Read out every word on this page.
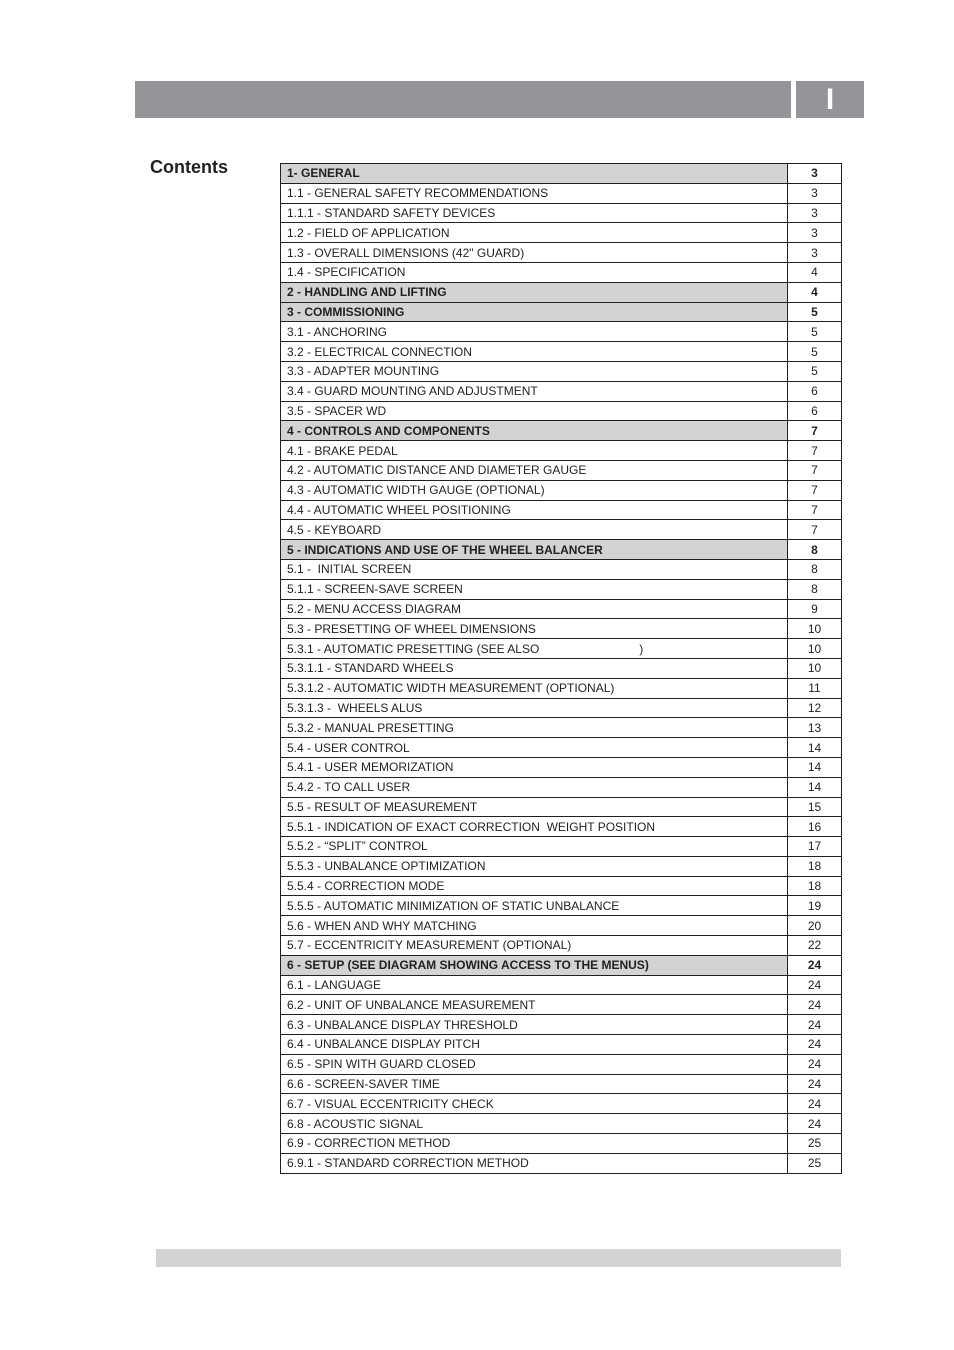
I
Contents	1- GENERAL	3
1.1 - GENERAL SAFETY RECOMMENDATIONS	3
1.1.1 - STANDARD SAFETY DEVICES	3
1.2 - FIELD OF APPLICATION	3
1.3 - OVERALL DIMENSIONS (42" GUARD)	3
1.4 - SPECIFICATION	4
2 - HANDLING AND LIFTING	4
3 - COMMISSIONING	5
3.1 - ANCHORING	5
3.2 - ELECTRICAL CONNECTION	5
3.3 - ADAPTER MOUNTING	5
3.4 - GUARD MOUNTING AND ADJUSTMENT	6
3.5 - SPACER WD	6
4 - CONTROLS AND COMPONENTS	7
4.1 - BRAKE PEDAL	7
4.2 - AUTOMATIC DISTANCE AND DIAMETER GAUGE	7
4.3 - AUTOMATIC WIDTH GAUGE (OPTIONAL)	7
4.4 - AUTOMATIC WHEEL POSITIONING	7
4.5 - KEYBOARD	7
5 - INDICATIONS AND USE OF THE WHEEL BALANCER	8
5.1 -  INITIAL SCREEN	8
5.1.1 - SCREEN-SAVE SCREEN	8
5.2 - MENU ACCESS DIAGRAM	9
5.3 - PRESETTING OF WHEEL DIMENSIONS	10
5.3.1 - AUTOMATIC PRESETTING (SEE ALSO                              )	10
5.3.1.1 - STANDARD WHEELS	10
5.3.1.2 - AUTOMATIC WIDTH MEASUREMENT (OPTIONAL)	11
5.3.1.3 -  WHEELS ALUS	12
5.3.2 - MANUAL PRESETTING	13
5.4 - USER CONTROL	14
5.4.1 - USER MEMORIZATION	14
5.4.2 - TO CALL USER	14
5.5 - RESULT OF MEASUREMENT	15
5.5.1 - INDICATION OF EXACT CORRECTION  WEIGHT POSITION	16
5.5.2 - “SPLIT” CONTROL	17
5.5.3 - UNBALANCE OPTIMIZATION	18
5.5.4 - CORRECTION MODE	18
5.5.5 - AUTOMATIC MINIMIZATION OF STATIC UNBALANCE	19
5.6 - WHEN AND WHY MATCHING	20
5.7 - ECCENTRICITY MEASUREMENT (OPTIONAL)	22
6 - SETUP (SEE DIAGRAM SHOWING ACCESS TO THE MENUS)	24
6.1 - LANGUAGE	24
6.2 - UNIT OF UNBALANCE MEASUREMENT	24
6.3 - UNBALANCE DISPLAY THRESHOLD	24
6.4 - UNBALANCE DISPLAY PITCH	24
6.5 - SPIN WITH GUARD CLOSED	24
6.6 - SCREEN-SAVER TIME	24
6.7 - VISUAL ECCENTRICITY CHECK	24
6.8 - ACOUSTIC SIGNAL	24
6.9 - CORRECTION METHOD	25
6.9.1 - STANDARD CORRECTION METHOD	25
